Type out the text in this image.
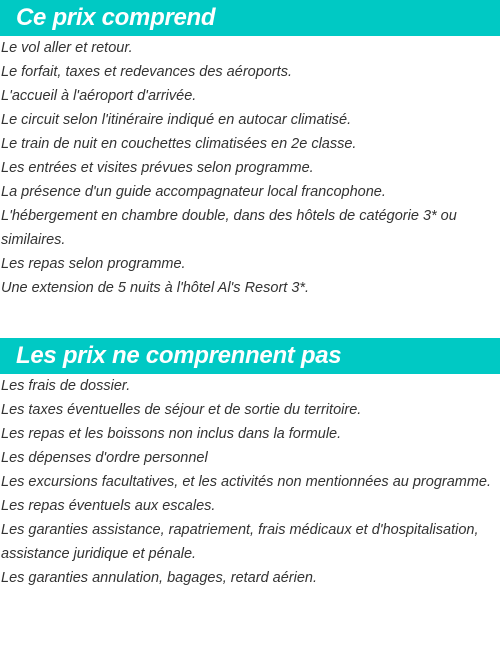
Ce prix comprend
Le vol aller et retour.
Le forfait, taxes et redevances des aéroports.
L'accueil à l'aéroport d'arrivée.
Le circuit selon l'itinéraire indiqué en autocar climatisé.
Le train de nuit en couchettes climatisées en 2e classe.
Les entrées et visites prévues selon programme.
La présence d'un guide accompagnateur local francophone.
L'hébergement en chambre double, dans des hôtels de catégorie 3* ou similaires.
Les repas selon programme.
Une extension de 5 nuits à l'hôtel Al's Resort 3*.
Les prix ne comprennent pas
Les frais de dossier.
Les taxes éventuelles de séjour et de sortie du territoire.
Les repas et les boissons non inclus dans la formule.
Les dépenses d'ordre personnel
Les excursions facultatives, et les activités non mentionnées au programme.
Les repas éventuels aux escales.
Les garanties assistance, rapatriement, frais médicaux et d'hospitalisation, assistance juridique et pénale.
Les garanties annulation, bagages, retard aérien.
